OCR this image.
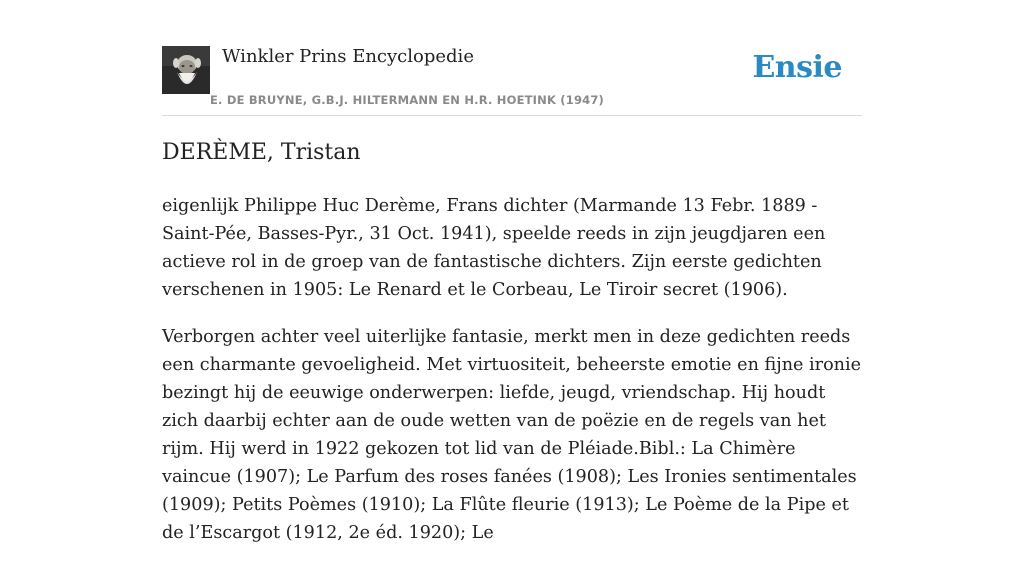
Winkler Prins Encyclopedie
E. DE BRUYNE, G.B.J. HILTERMANN EN H.R. HOETINK (1947)
Ensie
DERÈME, Tristan

eigenlijk Philippe Huc Derème, Frans dichter (Marmande 13 Febr. 1889 - Saint-Pée, Basses-Pyr., 31 Oct. 1941), speelde reeds in zijn jeugdjaren een actieve rol in de groep van de fantastische dichters. Zijn eerste gedichten verschenen in 1905: Le Renard et le Corbeau, Le Tiroir secret (1906).

Verborgen achter veel uiterlijke fantasie, merkt men in deze gedichten reeds een charmante gevoeligheid. Met virtuositeit, beheerste emotie en fijne ironie bezingt hij de eeuwige onderwerpen: liefde, jeugd, vriendschap. Hij houdt zich daarbij echter aan de oude wetten van de poëzie en de regels van het rijm. Hij werd in 1922 gekozen tot lid van de Pléiade.Bibl.: La Chimère vaincue (1907); Le Parfum des roses fanées (1908); Les Ironies sentimentales (1909); Petits Poèmes (1910); La Flûte fleurie (1913); Le Poème de la Pipe et de l’Escargot (1912, 2e éd. 1920); Le
